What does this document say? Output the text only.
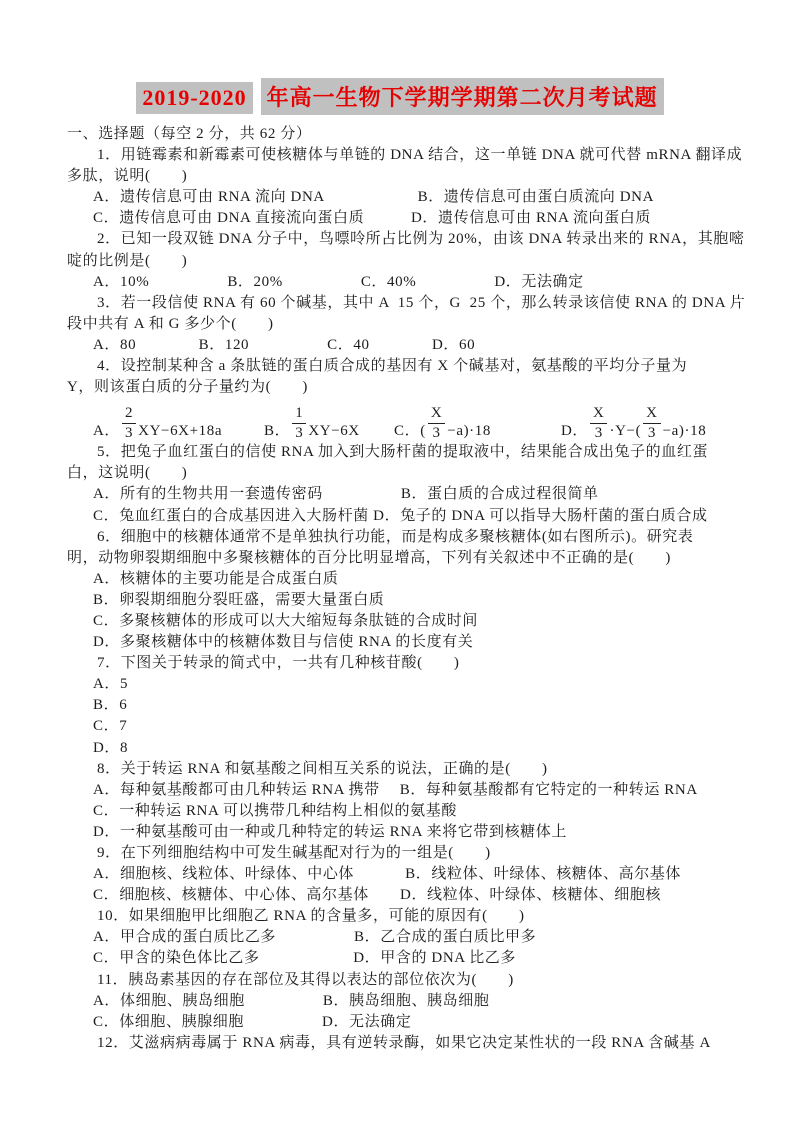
2019-2020 年高一生物下学期学期第二次月考试题
一、选择题（每空 2 分，共 62 分）
1．用链霉素和新霉素可使核糖体与单链的 DNA 结合，这一单链 DNA 就可代替 mRNA 翻译成
多肽，说明(　　)
A．遗传信息可由 RNA 流向 DNA　　　　　　B．遗传信息可由蛋白质流向 DNA
C．遗传信息可由 DNA 直接流向蛋白质　　　D．遗传信息可由 RNA 流向蛋白质
2．已知一段双链 DNA 分子中，鸟嘌呤所占比例为 20%，由该 DNA 转录出来的 RNA，其胞嘧
啶的比例是(　　)
A．10%　　　　　B．20%　　　　　C．40%　　　　　D．无法确定
3．若一段信使 RNA 有 60 个碱基，其中 A  15 个，G  25 个，那么转录该信使 RNA 的 DNA 片
段中共有 A 和 G 多少个(　　)
A．80　　　　B．120　　　　　C．40　　　　D．60
4．设控制某种含 a 条肽链的蛋白质合成的基因有 X 个碱基对，氨基酸的平均分子量为
Y，则该蛋白质的分子量约为(　　)
A． $\frac{2}{3} XY-6X+18a$	B． $\frac{1}{3} XY-6X$ C． ( $\frac{X}{3} -a)\cdot 18$	D． $\frac{X}{3} \cdot Y-( \frac{X}{3} -a)\cdot 18$
5．把兔子血红蛋白的信使 RNA 加入到大肠杆菌的提取液中，结果能合成出兔子的血红蛋
白，这说明(　　)
A．所有的生物共用一套遗传密码　　　　　B．蛋白质的合成过程很简单
C．兔血红蛋白的合成基因进入大肠杆菌 D．兔子的 DNA 可以指导大肠杆菌的蛋白质合成
6．细胞中的核糖体通常不是单独执行功能，而是构成多聚核糖体(如右图所示)。研究表
明，动物卵裂期细胞中多聚核糖体的百分比明显增高，下列有关叙述中不正确的是(　　)
A．核糖体的主要功能是合成蛋白质
B．卵裂期细胞分裂旺盛，需要大量蛋白质
C．多聚核糖体的形成可以大大缩短每条肽链的合成时间
D．多聚核糖体中的核糖体数目与信使 RNA 的长度有关
7．下图关于转录的简式中，一共有几种核苷酸(　　)
A．5
B．6
C．7
D．8
8．关于转运 RNA 和氨基酸之间相互关系的说法，正确的是(　　)
A．每种氨基酸都可由几种转运 RNA 携带　 B．每种氨基酸都有它特定的一种转运 RNA
C．一种转运 RNA 可以携带几种结构上相似的氨基酸
D．一种氨基酸可由一种或几种特定的转运 RNA 来将它带到核糖体上
9．在下列细胞结构中可发生碱基配对行为的一组是(　　)
A．细胞核、线粒体、叶绿体、中心体　　　 B．线粒体、叶绿体、核糖体、高尔基体
C．细胞核、核糖体、中心体、高尔基体　　D．线粒体、叶绿体、核糖体、细胞核
10．如果细胞甲比细胞乙 RNA 的含量多，可能的原因有(　　)
A．甲合成的蛋白质比乙多　　　　　B．乙合成的蛋白质比甲多
C．甲含的染色体比乙多　　　　　　D．甲含的 DNA 比乙多
11．胰岛素基因的存在部位及其得以表达的部位依次为(　　)
A．体细胞、胰岛细胞　　　　　B．胰岛细胞、胰岛细胞
C．体细胞、胰腺细胞　　　　　D．无法确定
12．艾滋病病毒属于 RNA 病毒，具有逆转录酶，如果它决定某性状的一段 RNA 含碱基 A
